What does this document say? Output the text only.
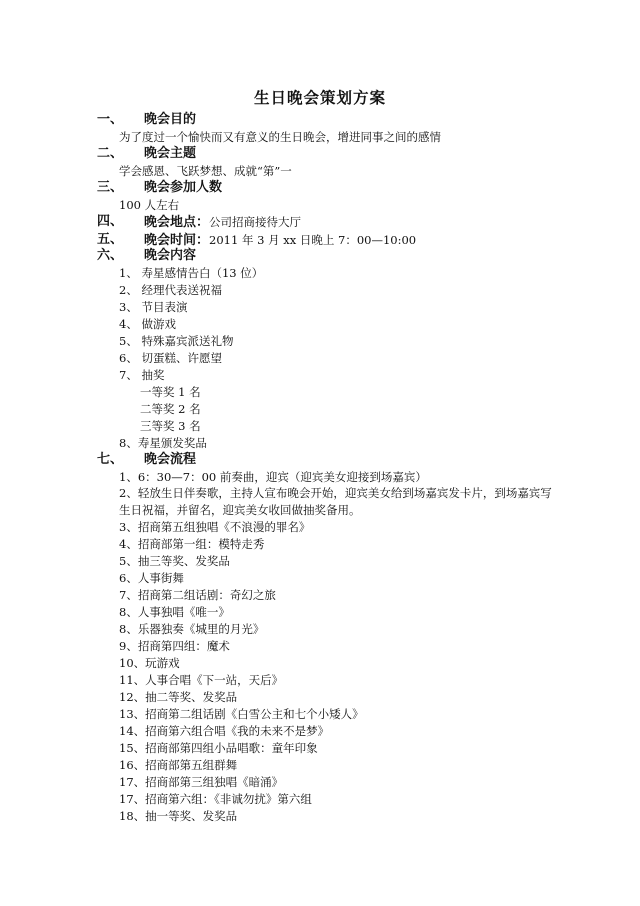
生日晚会策划方案
一、 晚会目的
为了度过一个愉快而又有意义的生日晚会，增进同事之间的感情
二、 晚会主题
学会感恩、飞跃梦想、成就“第”一
三、 晚会参加人数
100 人左右
四、 晚会地点：公司招商接待大厅
五、 晚会时间：2011 年 3 月 xx 日晚上 7：00—10:00
六、 晚会内容
1、 寿星感情告白（13 位）
2、 经理代表送祝福
3、 节目表演
4、 做游戏
5、 特殊嘉宾派送礼物
6、 切蛋糕、许愿望
7、 抽奖
一等奖 1 名
二等奖 2 名
三等奖 3 名
8、寿星颁发奖品
七、 晚会流程
1、6：30—7：00 前奏曲，迎宾（迎宾美女迎接到场嘉宾）
2、轻放生日伴奏歌，主持人宣布晚会开始，迎宾美女给到场嘉宾发卡片，到场嘉宾写生日祝福，并留名，迎宾美女收回做抽奖备用。
3、招商第五组独唱《不浪漫的罪名》
4、招商部第一组：模特走秀
5、抽三等奖、发奖品
6、人事街舞
7、招商第二组话剧：奇幻之旅
8、人事独唱《唯一》
8、乐器独奏《城里的月光》
9、招商第四组：魔术
10、玩游戏
11、人事合唱《下一站，天后》
12、抽二等奖、发奖品
13、招商第二组话剧《白雪公主和七个小矮人》
14、招商第六组合唱《我的未来不是梦》
15、招商部第四组小品唱歌：童年印象
16、招商部第五组群舞
17、招商部第三组独唱《暗涌》
17、招商第六组：《非诚勿扰》第六组
18、抽一等奖、发奖品
